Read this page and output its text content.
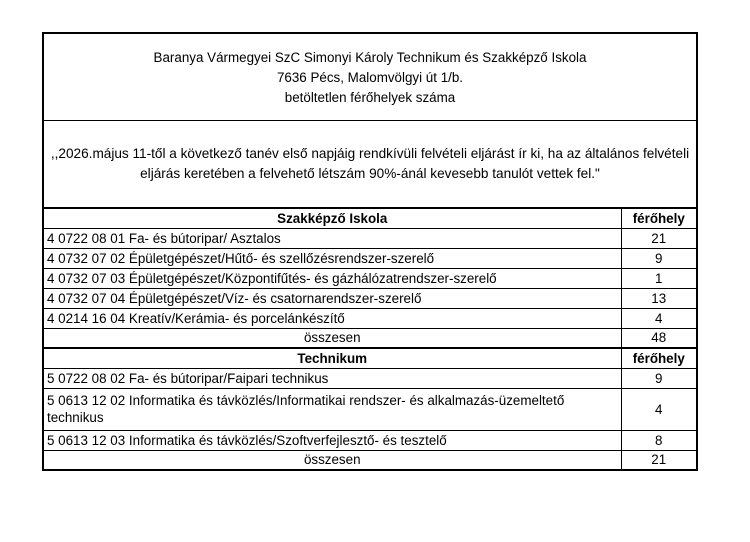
Baranya Vármegyei SzC Simonyi Károly Technikum és Szakképző Iskola
7636 Pécs, Malomvölgyi út 1/b.
betöltetlen férőhelyek száma	

,,2026.május 11-től a következő tanév első napjáig rendkívüli felvételi eljárást ír ki, ha az általános felvételi eljárás keretében a felvehető létszám 90%-ánál kevesebb tanulót vettek fel."	
Szakképző Iskola	férőhely
4 0722 08 01 Fa- és bútoripar/ Asztalos	21
4 0732 07 02 Épületgépészet/Hűtő- és szellőzésrendszer-szerelő	9
4 0732 07 03 Épületgépészet/Központifűtés- és gázhálózatrendszer-szerelő	1
4 0732 07 04 Épületgépészet/Víz- és csatornarendszer-szerelő	13
4 0214 16 04 Kreatív/Kerámia- és porcelánkészítő	4
összesen	48
Technikum	férőhely
5 0722 08 02 Fa- és bútoripar/Faipari technikus	9
5 0613 12 02 Informatika és távközlés/Informatikai rendszer- és alkalmazás-üzemeltető technikus	4
5 0613 12 03 Informatika és távközlés/Szoftverfejlesztő- és tesztelő	8
összesen	21
